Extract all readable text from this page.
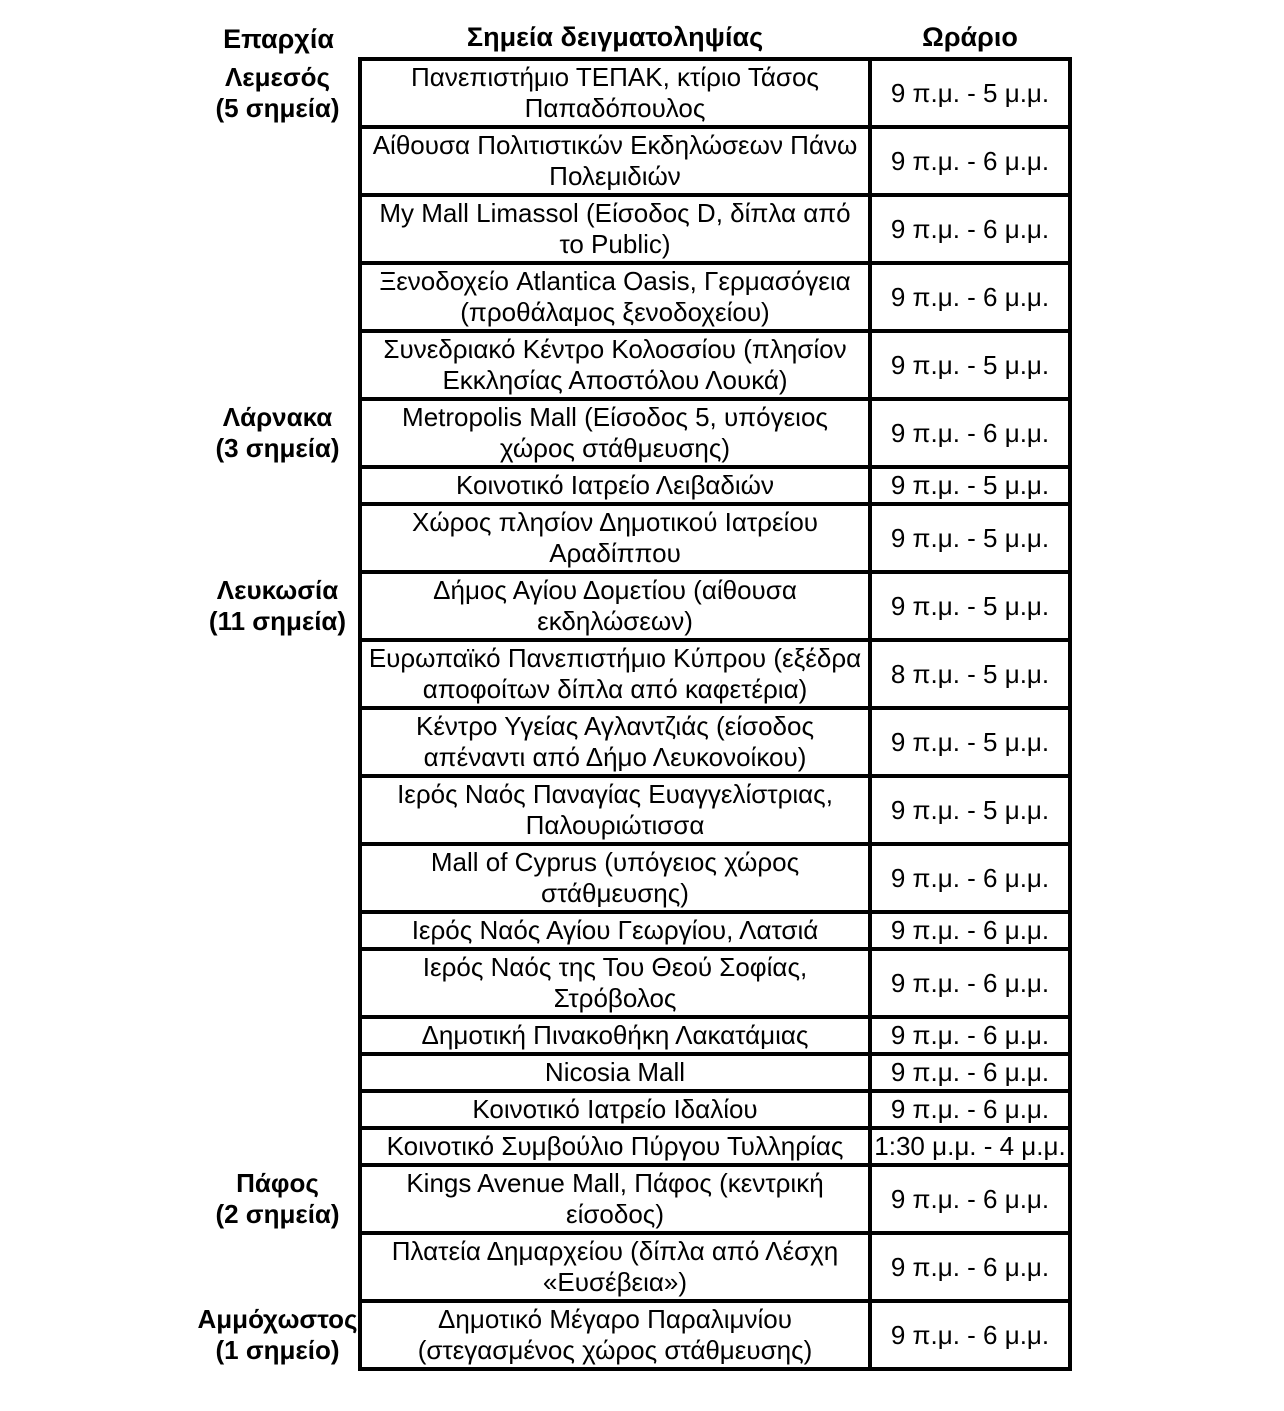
Επαρχία	Σημεία δειγματοληψίας	Ωράριο

Λεμεσός
(5 σημεία)	Πανεπιστήμιο ΤΕΠΑΚ, κτίριο Τάσος Παπαδόπουλος	9 π.μ. - 5 μ.μ.
	Αίθουσα Πολιτιστικών Εκδηλώσεων Πάνω Πολεμιδιών	9 π.μ. - 6 μ.μ.
	My Mall Limassol (Είσοδος D, δίπλα από το Public)	9 π.μ. - 6 μ.μ.
	Ξενοδοχείο Atlantica Oasis, Γερμασόγεια (προθάλαμος ξενοδοχείου)	9 π.μ. - 6 μ.μ.
	Συνεδριακό Κέντρο Κολοσσίου (πλησίον Εκκλησίας Αποστόλου Λουκά)	9 π.μ. - 5 μ.μ.

Λάρνακα
(3 σημεία)	Metropolis Mall (Είσοδος 5, υπόγειος χώρος στάθμευσης)	9 π.μ. - 6 μ.μ.
	Κοινοτικό Ιατρείο Λειβαδιών	9 π.μ. - 5 μ.μ.
	Χώρος πλησίον Δημοτικού Ιατρείου Αραδίππου	9 π.μ. - 5 μ.μ.

Λευκωσία
(11 σημεία)	Δήμος Αγίου Δομετίου (αίθουσα εκδηλώσεων)	9 π.μ. - 5 μ.μ.
	Ευρωπαϊκό Πανεπιστήμιο Κύπρου (εξέδρα αποφοίτων δίπλα από καφετέρια)	8 π.μ. - 5 μ.μ.
	Κέντρο Υγείας Αγλαντζιάς (είσοδος απέναντι από Δήμο Λευκονοίκου)	9 π.μ. - 5 μ.μ.
	Ιερός Ναός Παναγίας Ευαγγελίστριας, Παλουριώτισσα	9 π.μ. - 5 μ.μ.
	Mall of Cyprus (υπόγειος χώρος στάθμευσης)	9 π.μ. - 6 μ.μ.
	Ιερός Ναός Αγίου Γεωργίου, Λατσιά	9 π.μ. - 6 μ.μ.
	Ιερός Ναός της Του Θεού Σοφίας, Στρόβολος	9 π.μ. - 6 μ.μ.
	Δημοτική Πινακοθήκη Λακατάμιας	9 π.μ. - 6 μ.μ.
	Nicosia Mall	9 π.μ. - 6 μ.μ.
	Κοινοτικό Ιατρείο Ιδαλίου	9 π.μ. - 6 μ.μ.
	Κοινοτικό Συμβούλιο Πύργου Τυλληρίας	1:30 μ.μ. - 4 μ.μ.

Πάφος
(2 σημεία)	Kings Avenue Mall, Πάφος (κεντρική είσοδος)	9 π.μ. - 6 μ.μ.
	Πλατεία Δημαρχείου (δίπλα από Λέσχη «Ευσέβεια»)	9 π.μ. - 6 μ.μ.

Αμμόχωστος
(1 σημείο)	Δημοτικό Μέγαρο Παραλιμνίου (στεγασμένος χώρος στάθμευσης)	9 π.μ. - 6 μ.μ.
